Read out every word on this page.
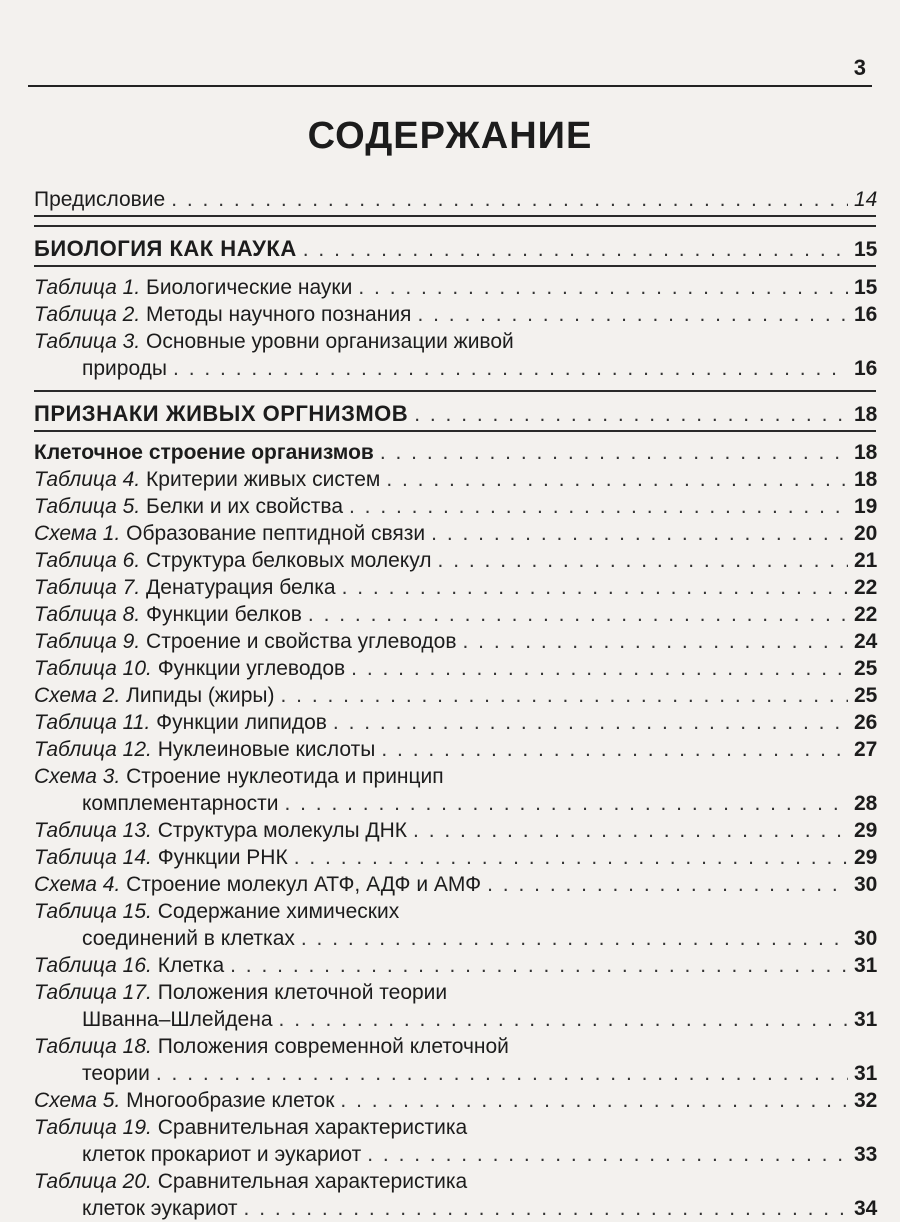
3
СОДЕРЖАНИЕ
Предисловие . . .	14
БИОЛОГИЯ КАК НАУКА . . .	15
Таблица 1. Биологические науки . . .	15
Таблица 2. Методы научного познания . . .	16
Таблица 3. Основные уровни организации живой
природы . . .	16
ПРИЗНАКИ ЖИВЫХ ОРГНИЗМОВ . . .	18
Клеточное строение организмов . . .	18
Таблица 4. Критерии живых систем . . .	18
Таблица 5. Белки и их свойства . . .	19
Схема 1. Образование пептидной связи . . .	20
Таблица 6. Структура белковых молекул . . .	21
Таблица 7. Денатурация белка . . .	22
Таблица 8. Функции белков . . .	22
Таблица 9. Строение и свойства углеводов . . .	24
Таблица 10. Функции углеводов . . .	25
Схема 2. Липиды (жиры) . . .	25
Таблица 11. Функции липидов . . .	26
Таблица 12. Нуклеиновые кислоты . . .	27
Схема 3. Строение нуклеотида и принцип
комплементарности . . .	28
Таблица 13. Структура молекулы ДНК . . .	29
Таблица 14. Функции РНК . . .	29
Схема 4. Строение молекул АТФ, АДФ и АМФ . . .	30
Таблица 15. Содержание химических
соединений в клетках . . .	30
Таблица 16. Клетка . . .	31
Таблица 17. Положения клеточной теории
Шванна–Шлейдена . . .	31
Таблица 18. Положения современной клеточной
теории . . .	31
Схема 5. Многообразие клеток . . .	32
Таблица 19. Сравнительная характеристика
клеток прокариот и эукариот . . .	33
Таблица 20. Сравнительная характеристика
клеток эукариот . . .	34
